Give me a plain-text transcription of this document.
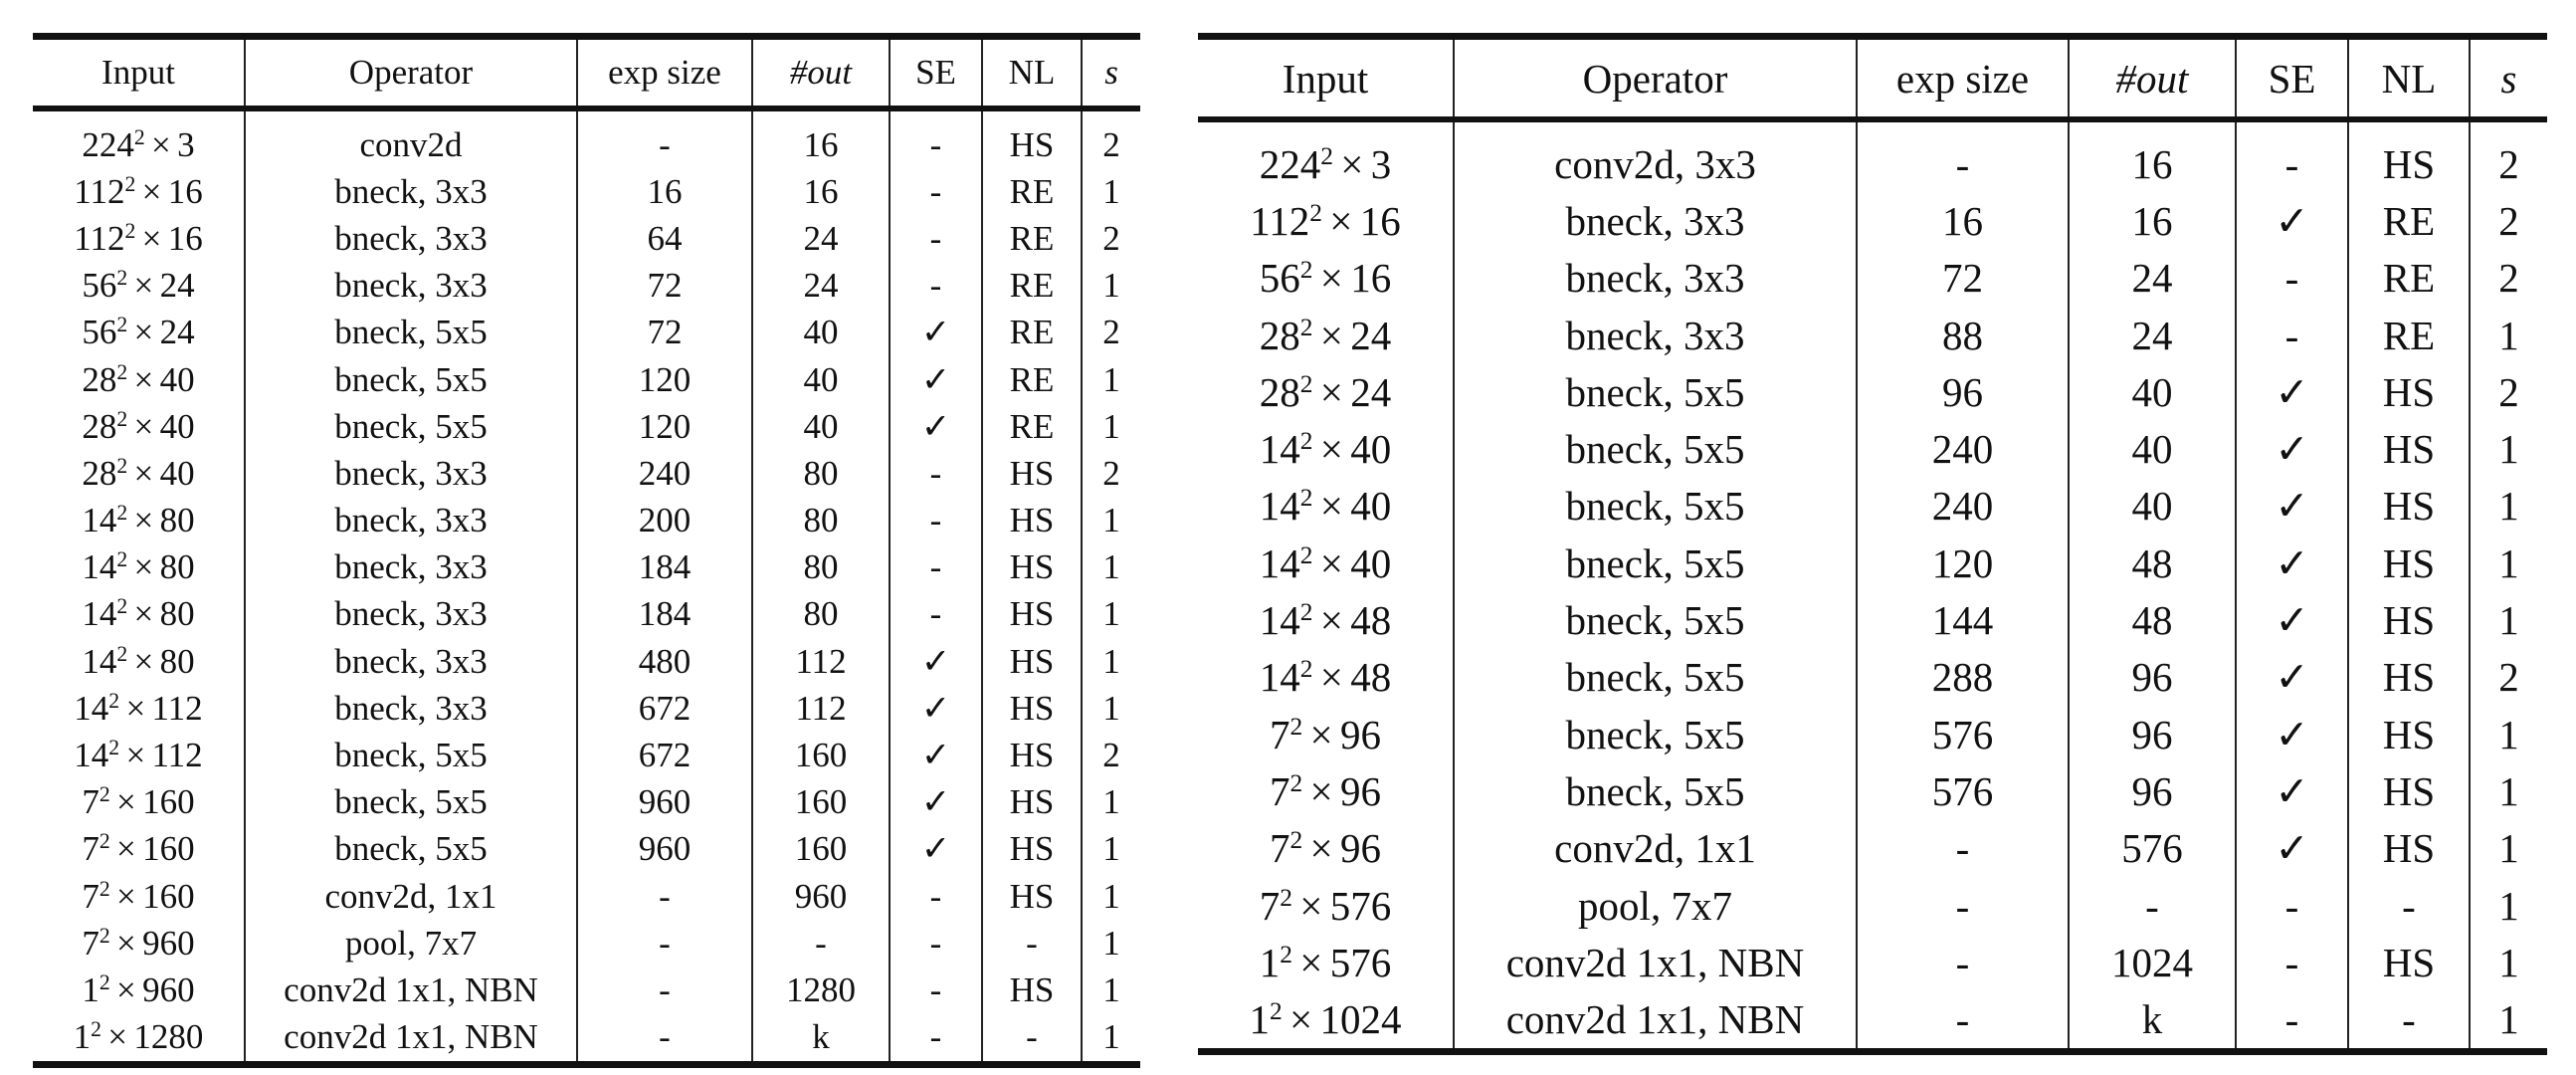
Input	Operator	exp size	#out	SE	NL	s

$224^2 \times 3$	conv2d	-	16	-	HS	2
$112^2 \times 16$	bneck, 3x3	16	16	-	RE	1
$112^2 \times 16$	bneck, 3x3	64	24	-	RE	2
$56^2 \times 24$	bneck, 3x3	72	24	-	RE	1
$56^2 \times 24$	bneck, 5x5	72	40	✓	RE	2
$28^2 \times 40$	bneck, 5x5	120	40	✓	RE	1
$28^2 \times 40$	bneck, 5x5	120	40	✓	RE	1
$28^2 \times 40$	bneck, 3x3	240	80	-	HS	2
$14^2 \times 80$	bneck, 3x3	200	80	-	HS	1
$14^2 \times 80$	bneck, 3x3	184	80	-	HS	1
$14^2 \times 80$	bneck, 3x3	184	80	-	HS	1
$14^2 \times 80$	bneck, 3x3	480	112	✓	HS	1
$14^2 \times 112$	bneck, 3x3	672	112	✓	HS	1
$14^2 \times 112$	bneck, 5x5	672	160	✓	HS	2
$7^2 \times 160$	bneck, 5x5	960	160	✓	HS	1
$7^2 \times 160$	bneck, 5x5	960	160	✓	HS	1
$7^2 \times 160$	conv2d, 1x1	-	960	-	HS	1
$7^2 \times 960$	pool, 7x7	-	-	-	-	1
$1^2 \times 960$	conv2d 1x1, NBN	-	1280	-	HS	1
$1^2 \times 1280$	conv2d 1x1, NBN	-	k	-	-	1
Input	Operator	exp size	#out	SE	NL	s

$224^2 \times 3$	conv2d, 3x3	-	16	-	HS	2
$112^2 \times 16$	bneck, 3x3	16	16	✓	RE	2
$56^2 \times 16$	bneck, 3x3	72	24	-	RE	2
$28^2 \times 24$	bneck, 3x3	88	24	-	RE	1
$28^2 \times 24$	bneck, 5x5	96	40	✓	HS	2
$14^2 \times 40$	bneck, 5x5	240	40	✓	HS	1
$14^2 \times 40$	bneck, 5x5	240	40	✓	HS	1
$14^2 \times 40$	bneck, 5x5	120	48	✓	HS	1
$14^2 \times 48$	bneck, 5x5	144	48	✓	HS	1
$14^2 \times 48$	bneck, 5x5	288	96	✓	HS	2
$7^2 \times 96$	bneck, 5x5	576	96	✓	HS	1
$7^2 \times 96$	bneck, 5x5	576	96	✓	HS	1
$7^2 \times 96$	conv2d, 1x1	-	576	✓	HS	1
$7^2 \times 576$	pool, 7x7	-	-	-	-	1
$1^2 \times 576$	conv2d 1x1, NBN	-	1024	-	HS	1
$1^2 \times 1024$	conv2d 1x1, NBN	-	k	-	-	1
